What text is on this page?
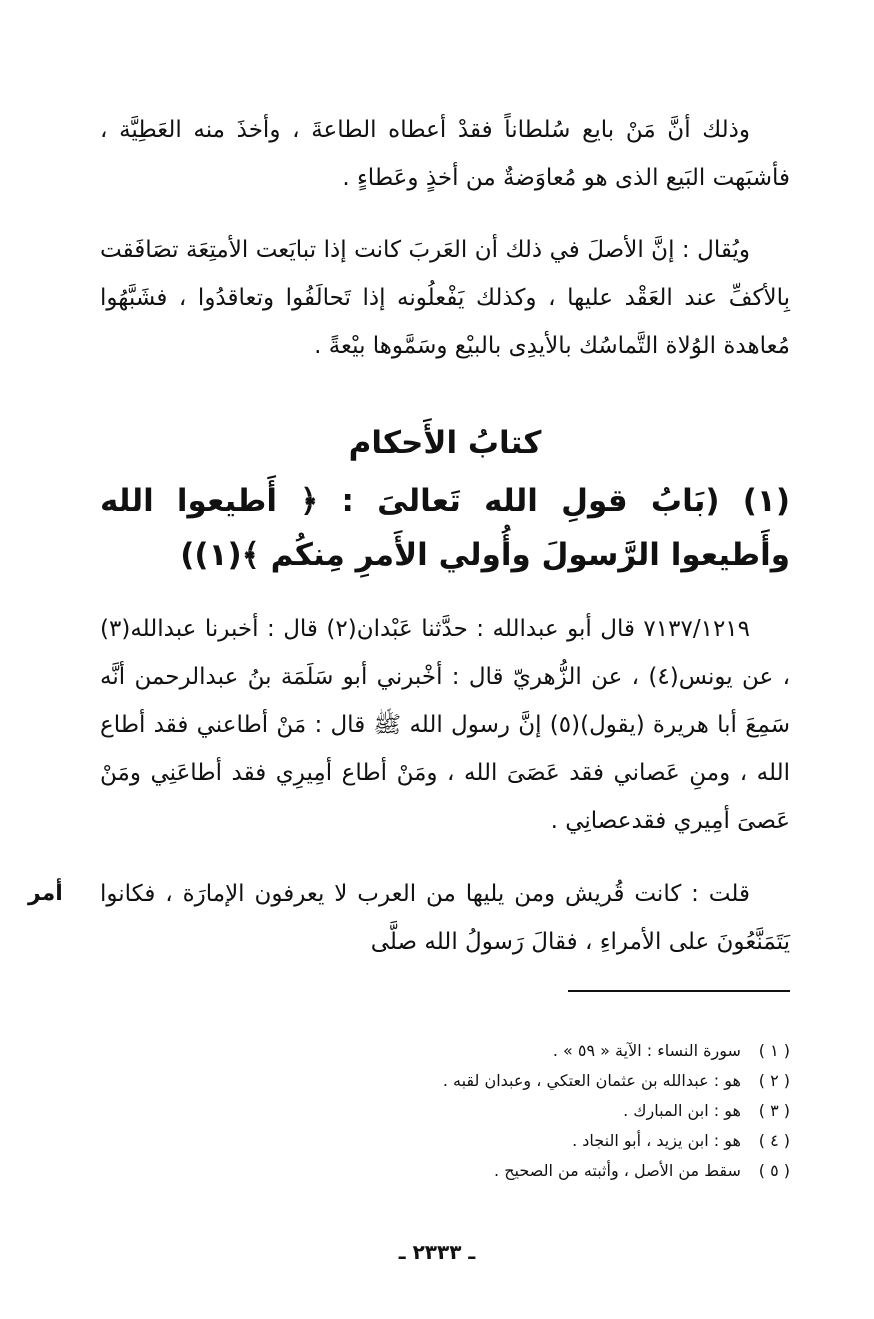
وذلك أنَّ مَنْ بايع سُلطاناً فقدْ أعطاه الطاعةَ ، وأخذَ منه العَطِيَّة ، فأشبَهت البَيع الذى هو مُعاوَضةٌ من أخذٍ وعَطاءٍ .

ويُقال : إنَّ الأصلَ في ذلك أن العَربَ كانت إذا تبايَعت الأمتِعَة تصَافَقت بِالأكفِّ عند العَقْد عليها ، وكذلك يَفْعلُونه إذا تَحالَفُوا وتعاقدُوا ، فشَبَّهُوا مُعاهدة الوُلاة التَّماسُك بالأيدِى بالبيْع وسَمَّوها بيْعةً .

كتابُ الأَحكام
(١) (بَابُ قولِ الله تَعالىَ : ﴿ أَطيعوا الله وأَطيعوا الرَّسولَ وأُولي الأَمرِ مِنكُم ﴾(١))

٧١٣٧/١٢١٩ قال أبو عبدالله : حدَّثنا عَبْدان(٢) قال : أخبرنا عبدالله(٣) ، عن يونس(٤) ، عن الزُّهريّ قال : أخْبرني أبو سَلَمَة بنُ عبدالرحمن أنَّه سَمِعَ أبا هريرة (يقول)(٥) إنَّ رسول الله ﷺ قال : مَنْ أطاعني فقد أطاع الله ، ومنِ عَصاني فقد عَصَىَ الله ، ومَنْ أطاع أمِيرِي فقد أطاعَنِي ومَنْ عَصىَ أمِيري فقدعصانِي .

أمر	قلت : كانت قُريش ومن يليها من العرب لا يعرفون الإمارَة ، فكانوا يَتَمَنَّعُونَ على الأمراءِ ، فقالَ رَسولُ الله صلَّى

( ١ ) سورة النساء : الآية « ٥٩ » .
( ٢ ) هو : عبدالله بن عثمان العتكي ، وعبدان لقبه .
( ٣ ) هو : ابن المبارك .
( ٤ ) هو : ابن يزيد ، أبو النجاد .
( ٥ ) سقط من الأصل ، وأثبته من الصحيح .
ـ ٢٣٣٣ ـ
